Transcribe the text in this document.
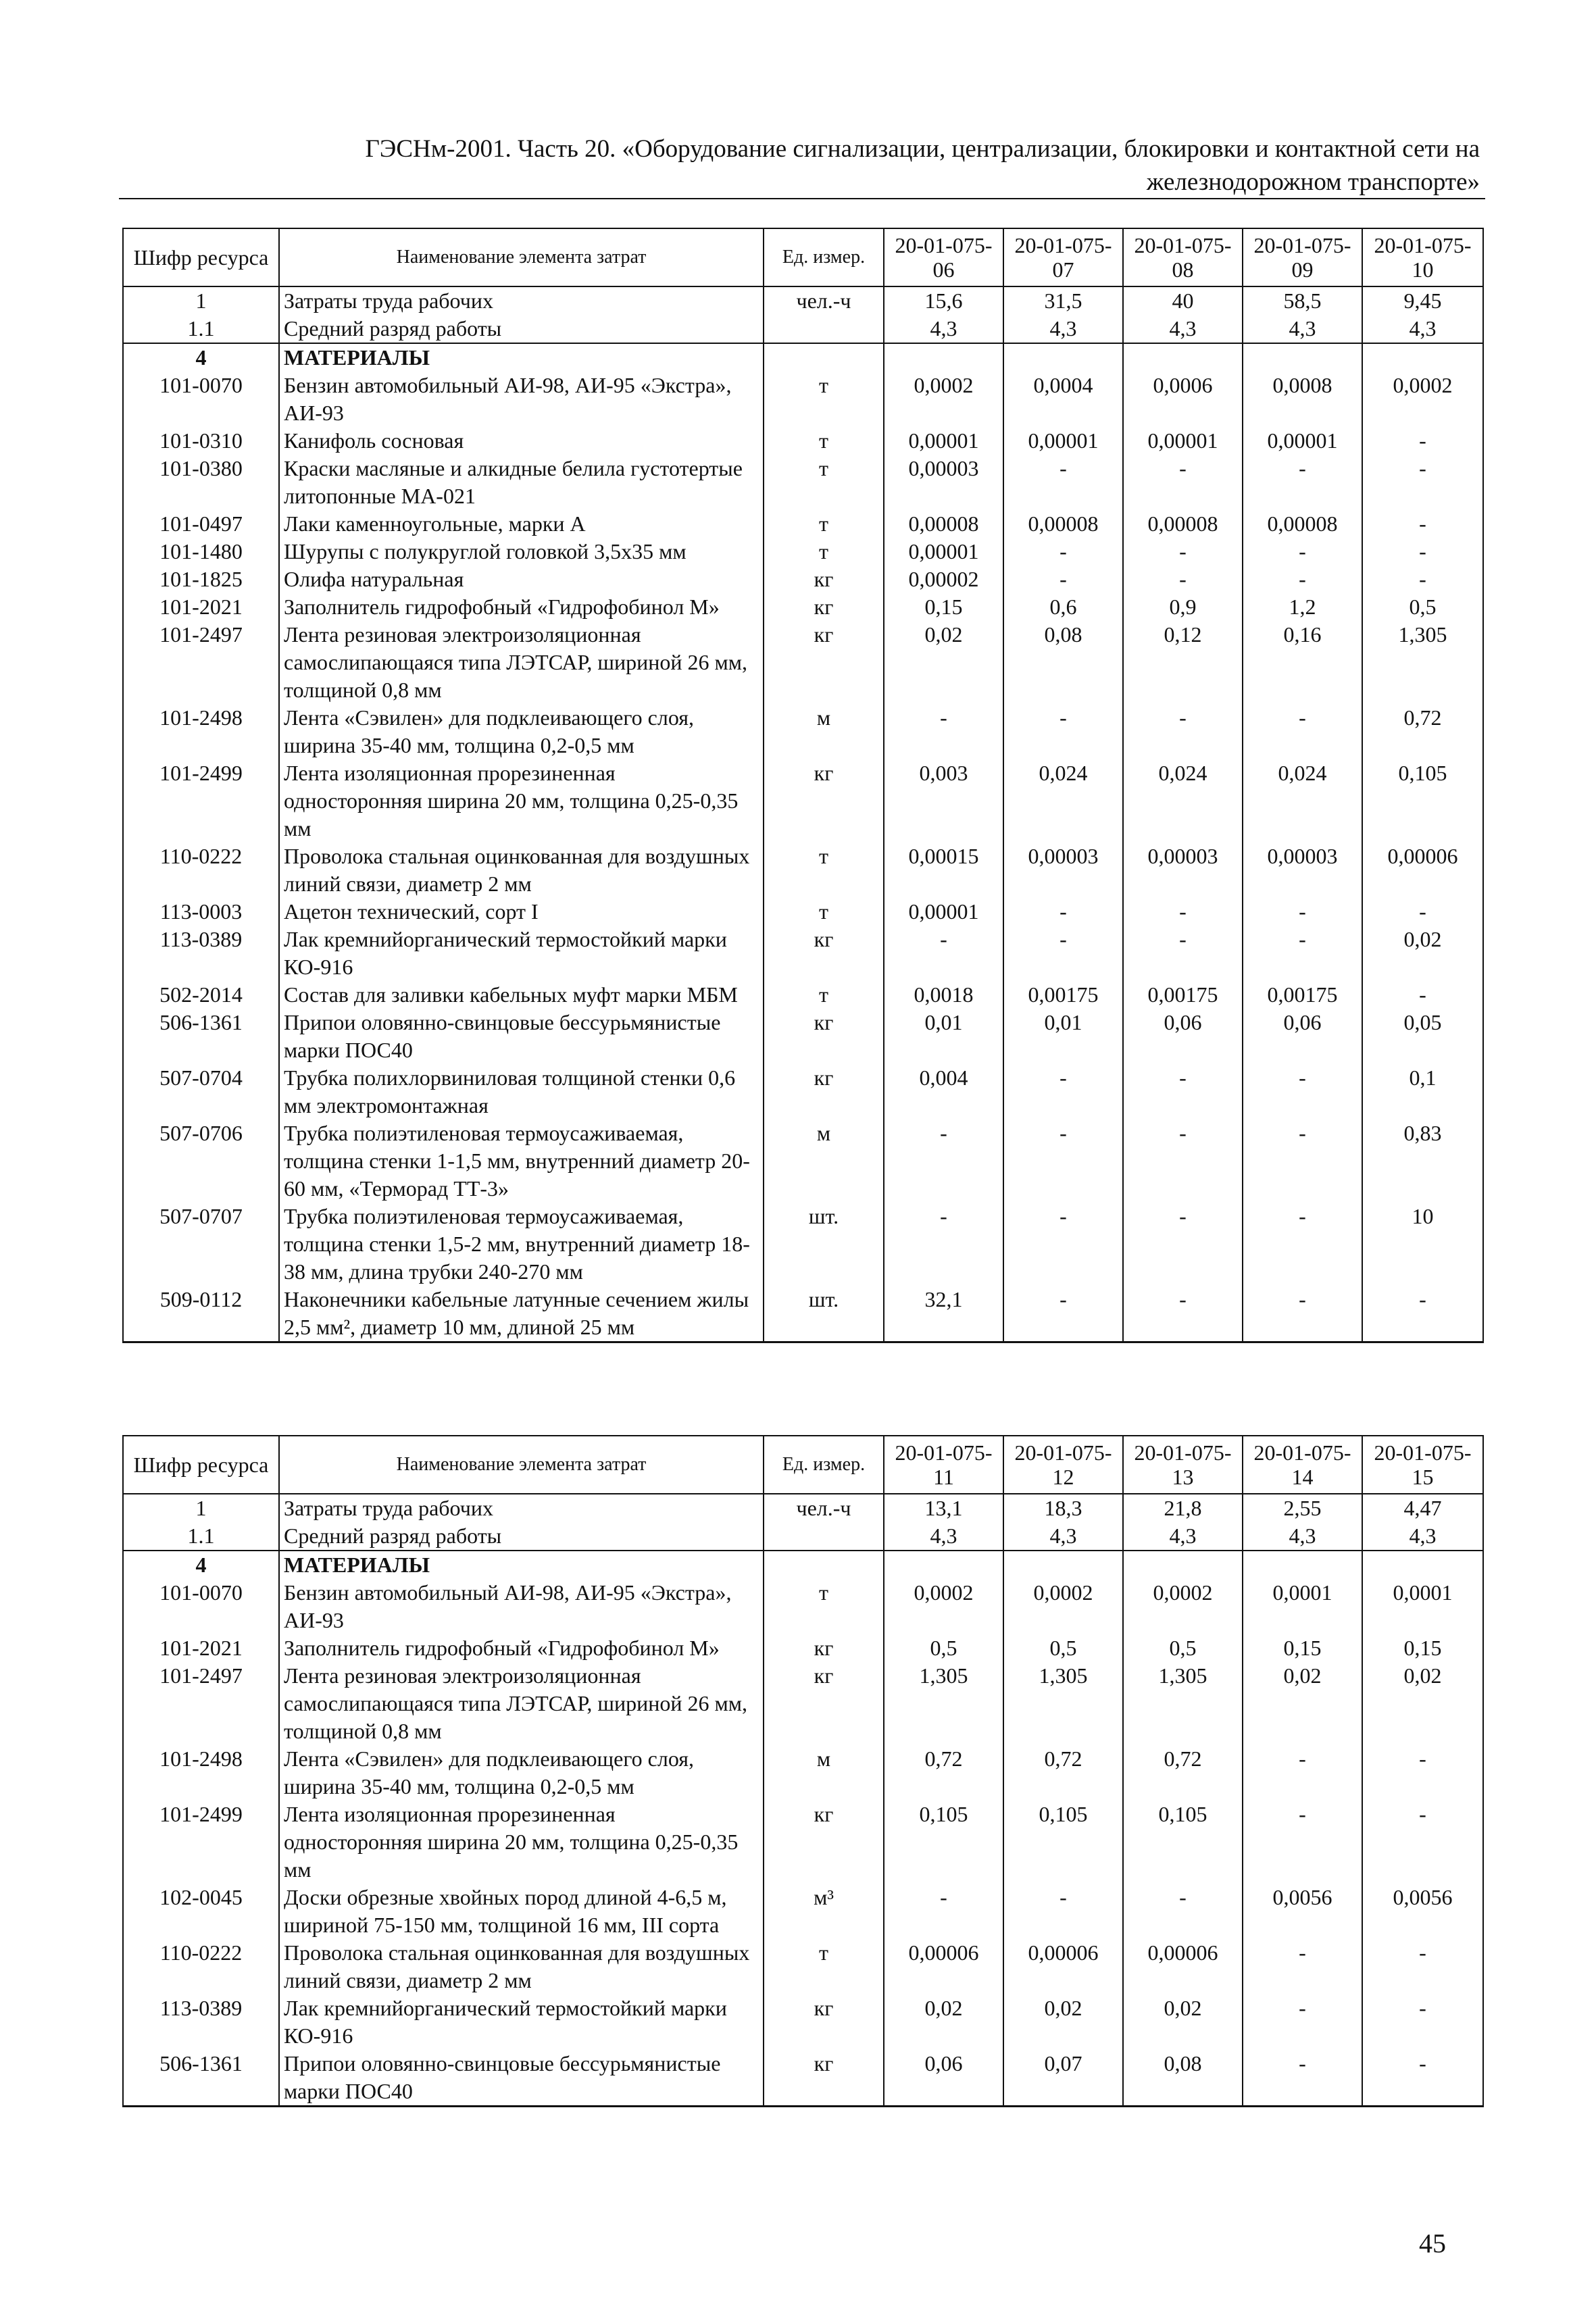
ГЭСНм-2001. Часть 20. «Оборудование сигнализации, централизации, блокировки и контактной сети на
железнодорожном транспорте»
Шифр ресурса	Наименование элемента затрат	Ед. измер.	20-01-075-06	20-01-075-07	20-01-075-08	20-01-075-09	20-01-075-10
1	Затраты труда рабочих	чел.-ч	15,6	31,5	40	58,5	9,45
1.1	Средний разряд работы		4,3	4,3	4,3	4,3	4,3
4	МАТЕРИАЛЫ						
101-0070	Бензин автомобильный АИ-98, АИ-95 «Экстра», АИ-93	т	0,0002	0,0004	0,0006	0,0008	0,0002
101-0310	Канифоль сосновая	т	0,00001	0,00001	0,00001	0,00001	-
101-0380	Краски масляные и алкидные белила густотертые литопонные МА-021	т	0,00003	-	-	-	-
101-0497	Лаки каменноугольные, марки А	т	0,00008	0,00008	0,00008	0,00008	-
101-1480	Шурупы с полукруглой головкой 3,5х35 мм	т	0,00001	-	-	-	-
101-1825	Олифа натуральная	кг	0,00002	-	-	-	-
101-2021	Заполнитель гидрофобный «Гидрофобинол М»	кг	0,15	0,6	0,9	1,2	0,5
101-2497	Лента резиновая электроизоляционная самослипающаяся типа ЛЭТСАР, шириной 26 мм, толщиной 0,8 мм	кг	0,02	0,08	0,12	0,16	1,305
101-2498	Лента «Сэвилен» для подклеивающего слоя, ширина 35-40 мм, толщина 0,2-0,5 мм	м	-	-	-	-	0,72
101-2499	Лента изоляционная прорезиненная односторонняя ширина 20 мм, толщина 0,25-0,35 мм	кг	0,003	0,024	0,024	0,024	0,105
110-0222	Проволока стальная оцинкованная для воздушных линий связи, диаметр 2 мм	т	0,00015	0,00003	0,00003	0,00003	0,00006
113-0003	Ацетон технический, сорт I	т	0,00001	-	-	-	-
113-0389	Лак кремнийорганический термостойкий марки КО-916	кг	-	-	-	-	0,02
502-2014	Состав для заливки кабельных муфт марки МБМ	т	0,0018	0,00175	0,00175	0,00175	-
506-1361	Припои оловянно-свинцовые бессурьмянистые марки ПОС40	кг	0,01	0,01	0,06	0,06	0,05
507-0704	Трубка полихлорвиниловая толщиной стенки 0,6 мм электромонтажная	кг	0,004	-	-	-	0,1
507-0706	Трубка полиэтиленовая термоусаживаемая, толщина стенки 1-1,5 мм, внутренний диаметр 20-60 мм, «Терморад ТТ-3»	м	-	-	-	-	0,83
507-0707	Трубка полиэтиленовая термоусаживаемая, толщина стенки 1,5-2 мм, внутренний диаметр 18-38 мм, длина трубки 240-270 мм	шт.	-	-	-	-	10
509-0112	Наконечники кабельные латунные сечением жилы 2,5 мм², диаметр 10 мм, длиной 25 мм	шт.	32,1	-	-	-	-
Шифр ресурса	Наименование элемента затрат	Ед. измер.	20-01-075-11	20-01-075-12	20-01-075-13	20-01-075-14	20-01-075-15
1	Затраты труда рабочих	чел.-ч	13,1	18,3	21,8	2,55	4,47
1.1	Средний разряд работы		4,3	4,3	4,3	4,3	4,3
4	МАТЕРИАЛЫ						
101-0070	Бензин автомобильный АИ-98, АИ-95 «Экстра», АИ-93	т	0,0002	0,0002	0,0002	0,0001	0,0001
101-2021	Заполнитель гидрофобный «Гидрофобинол М»	кг	0,5	0,5	0,5	0,15	0,15
101-2497	Лента резиновая электроизоляционная самослипающаяся типа ЛЭТСАР, шириной 26 мм, толщиной 0,8 мм	кг	1,305	1,305	1,305	0,02	0,02
101-2498	Лента «Сэвилен» для подклеивающего слоя, ширина 35-40 мм, толщина 0,2-0,5 мм	м	0,72	0,72	0,72	-	-
101-2499	Лента изоляционная прорезиненная односторонняя ширина 20 мм, толщина 0,25-0,35 мм	кг	0,105	0,105	0,105	-	-
102-0045	Доски обрезные хвойных пород длиной 4-6,5 м, шириной 75-150 мм, толщиной 16 мм, III сорта	м³	-	-	-	0,0056	0,0056
110-0222	Проволока стальная оцинкованная для воздушных линий связи, диаметр 2 мм	т	0,00006	0,00006	0,00006	-	-
113-0389	Лак кремнийорганический термостойкий марки КО-916	кг	0,02	0,02	0,02	-	-
506-1361	Припои оловянно-свинцовые бессурьмянистые марки ПОС40	кг	0,06	0,07	0,08	-	-
45
